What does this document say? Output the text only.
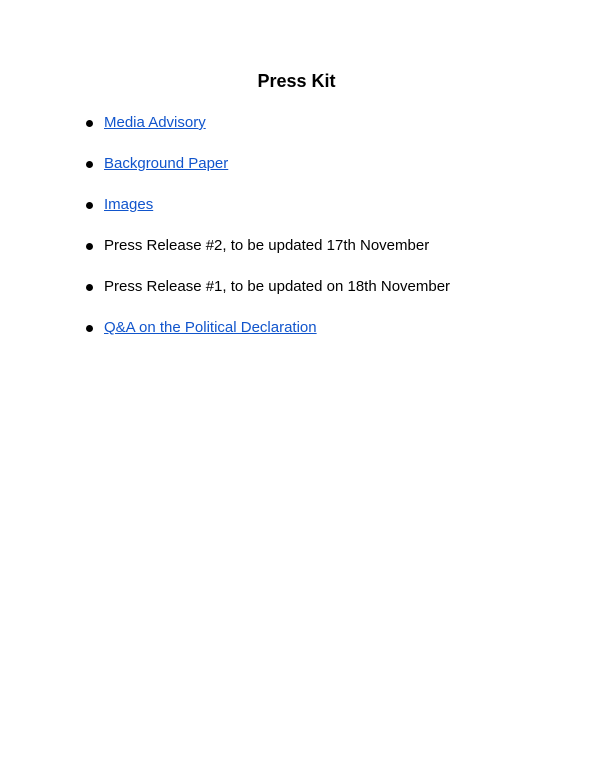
Press Kit
Media Advisory
Background Paper
Images
Press Release #2, to be updated 17th November
Press Release #1, to be updated on 18th November
Q&A on the Political Declaration
